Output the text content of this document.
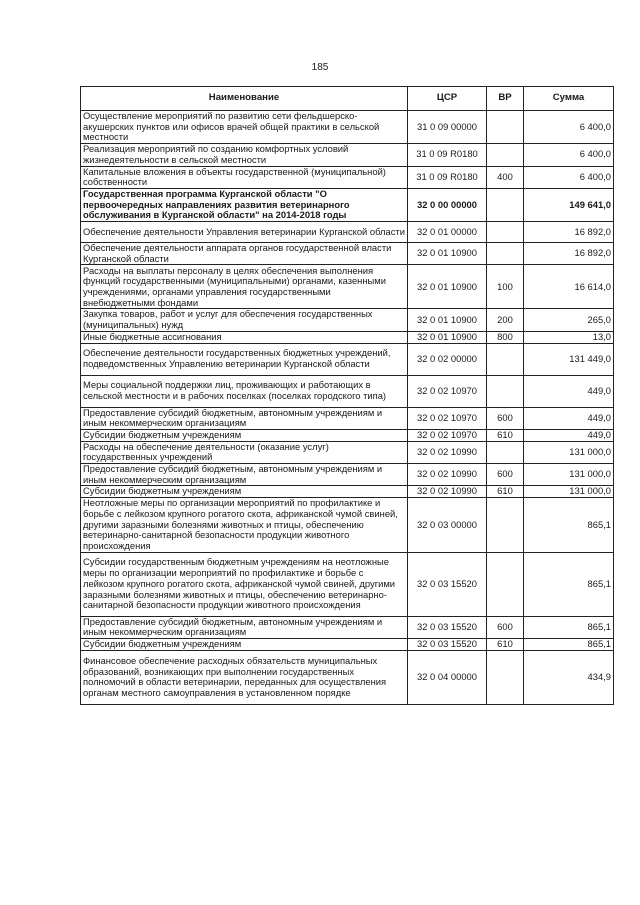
185
Наименование	ЦСР	ВР	Сумма
Осуществление мероприятий по развитию сети фельдшерско-акушерских пунктов или офисов врачей общей практики в сельской местности	31 0 09 00000		6 400,0
Реализация мероприятий по созданию комфортных условий жизнедеятельности в сельской местности	31 0 09 R0180		6 400,0
Капитальные вложения в объекты государственной (муниципальной) собственности	31 0 09 R0180	400	6 400,0
Государственная программа Курганской области "О первоочередных направлениях развития ветеринарного обслуживания в Курганской области" на 2014-2018 годы	32 0 00 00000		149 641,0
Обеспечение деятельности Управления ветеринарии Курганской области	32 0 01 00000		16 892,0
Обеспечение деятельности аппарата органов государственной власти Курганской области	32 0 01 10900		16 892,0
Расходы на выплаты персоналу в целях обеспечения выполнения функций государственными (муниципальными) органами, казенными учреждениями, органами управления государственными внебюджетными фондами	32 0 01 10900	100	16 614,0
Закупка товаров, работ и услуг для обеспечения государственных (муниципальных) нужд	32 0 01 10900	200	265,0
Иные бюджетные ассигнования	32 0 01 10900	800	13,0
Обеспечение деятельности государственных бюджетных учреждений, подведомственных Управлению ветеринарии Курганской области	32 0 02 00000		131 449,0
Меры социальной поддержки лиц, проживающих и работающих в сельской местности и в рабочих поселках (поселках городского типа)	32 0 02 10970		449,0
Предоставление субсидий бюджетным, автономным учреждениям и иным некоммерческим организациям	32 0 02 10970	600	449,0
Субсидии бюджетным учреждениям	32 0 02 10970	610	449,0
Расходы на обеспечение деятельности (оказание услуг) государственных учреждений	32 0 02 10990		131 000,0
Предоставление субсидий бюджетным, автономным учреждениям и иным некоммерческим организациям	32 0 02 10990	600	131 000,0
Субсидии бюджетным учреждениям	32 0 02 10990	610	131 000,0
Неотложные меры по организации мероприятий по профилактике и борьбе с лейкозом крупного рогатого скота, африканской чумой свиней, другими заразными болезнями животных и птицы, обеспечению ветеринарно-санитарной безопасности продукции животного происхождения	32 0 03 00000		865,1
Субсидии государственным бюджетным учреждениям на неотложные меры по организации мероприятий по профилактике и борьбе с лейкозом крупного рогатого скота, африканской чумой свиней, другими заразными болезнями животных и птицы, обеспечению ветеринарно-санитарной безопасности продукции животного происхождения	32 0 03 15520		865,1
Предоставление субсидий бюджетным, автономным учреждениям и иным некоммерческим организациям	32 0 03 15520	600	865,1
Субсидии бюджетным учреждениям	32 0 03 15520	610	865,1
Финансовое обеспечение расходных обязательств муниципальных образований, возникающих при выполнении государственных полномочий в области ветеринарии, переданных для осуществления органам местного самоуправления в установленном порядке	32 0 04 00000		434,9
